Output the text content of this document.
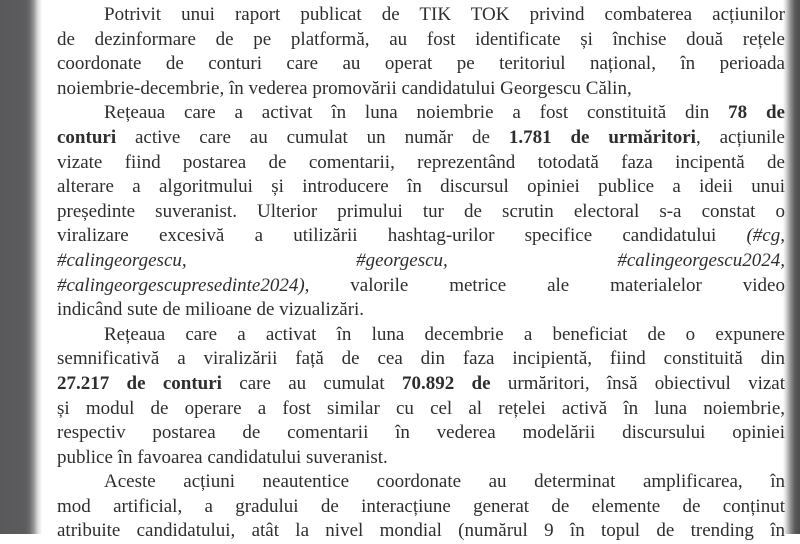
Potrivit unui raport publicat de TIK TOK privind combaterea acțiunilor
de dezinformare de pe platformă, au fost identificate și închise două rețele
coordonate de conturi care au operat pe teritoriul național, în perioada
noiembrie-decembrie, în vederea promovării candidatului Georgescu Călin,
Rețeaua care a activat în luna noiembrie a fost constituită din 78 de
conturi active care au cumulat un număr de 1.781 de urmăritori, acțiunile
vizate fiind postarea de comentarii, reprezentând totodată faza incipentă de
alterare a algoritmului și introducere în discursul opiniei publice a ideii unui
președinte suveranist. Ulterior primului tur de scrutin electoral s-a constat o
viralizare excesivă a utilizării hashtag-urilor specifice candidatului (#cg,
#calingeorgescu, #georgescu, #calingeorgescu2024,
#calingeorgescupresedinte2024), valorile metrice ale materialelor video
indicând sute de milioane de vizualizări.
Rețeaua care a activat în luna decembrie a beneficiat de o expunere
semnificativă a viralizării față de cea din faza incipientă, fiind constituită din
27.217 de conturi care au cumulat 70.892 de urmăritori, însă obiectivul vizat
și modul de operare a fost similar cu cel al rețelei activă în luna noiembrie,
respectiv postarea de comentarii în vederea modelării discursului opiniei
publice în favoarea candidatului suveranist.
Aceste acțiuni neautentice coordonate au determinat amplificarea, în
mod artificial, a gradului de interacțiune generat de elemente de conținut
atribuite candidatului, atât la nivel mondial (numărul 9 în topul de trending în
